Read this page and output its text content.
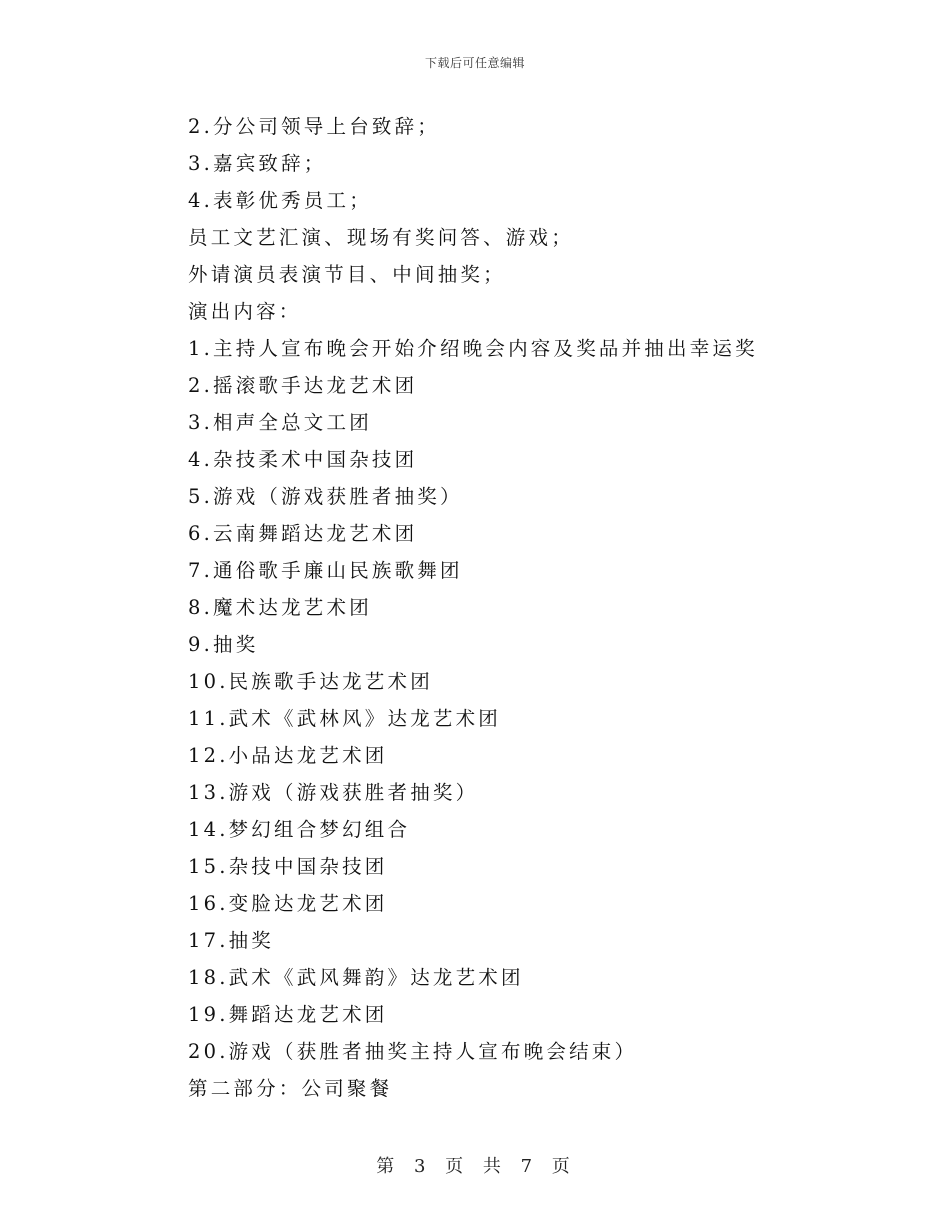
下载后可任意编辑
2.分公司领导上台致辞；
3.嘉宾致辞；
4.表彰优秀员工；
员工文艺汇演、现场有奖问答、游戏；
外请演员表演节目、中间抽奖；
演出内容：
1.主持人宣布晚会开始介绍晚会内容及奖品并抽出幸运奖
2.摇滚歌手达龙艺术团
3.相声全总文工团
4.杂技柔术中国杂技团
5.游戏（游戏获胜者抽奖）
6.云南舞蹈达龙艺术团
7.通俗歌手廉山民族歌舞团
8.魔术达龙艺术团
9.抽奖
10.民族歌手达龙艺术团
11.武术《武林风》达龙艺术团
12.小品达龙艺术团
13.游戏（游戏获胜者抽奖）
14.梦幻组合梦幻组合
15.杂技中国杂技团
16.变脸达龙艺术团
17.抽奖
18.武术《武风舞韵》达龙艺术团
19.舞蹈达龙艺术团
20.游戏（获胜者抽奖主持人宣布晚会结束）
第二部分：公司聚餐
第 3 页 共 7 页
